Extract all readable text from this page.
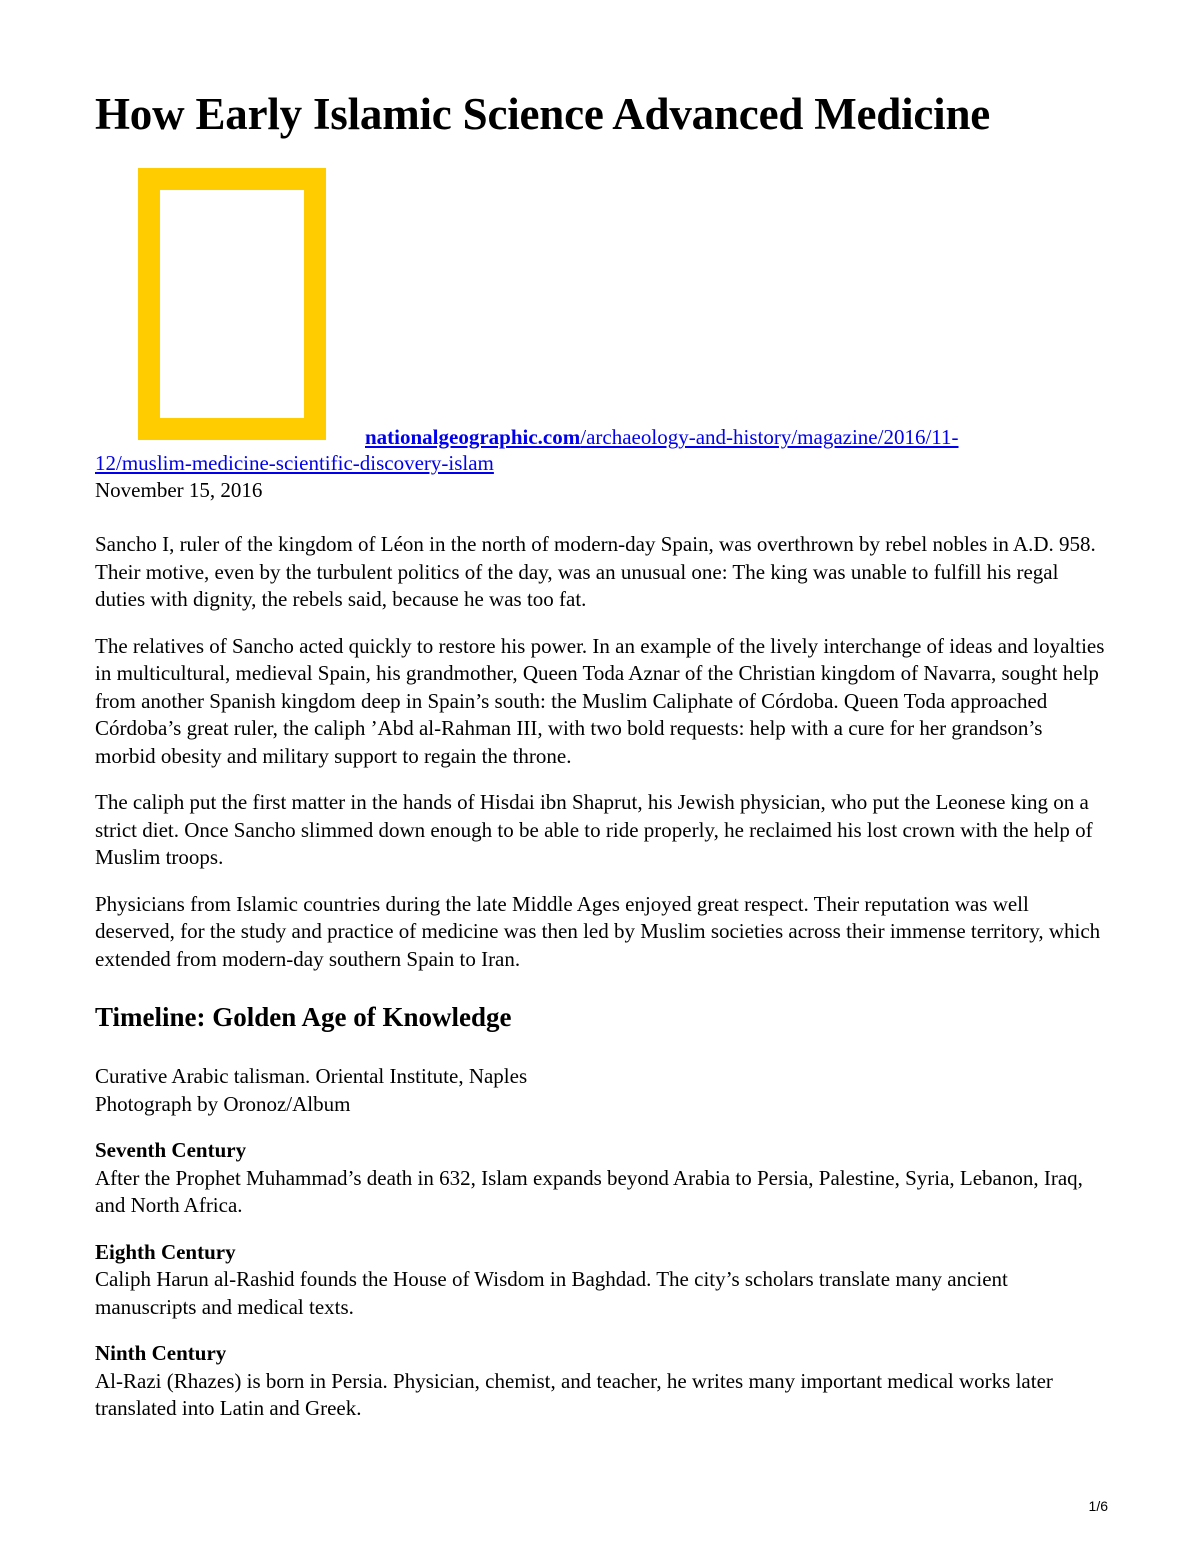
How Early Islamic Science Advanced Medicine
nationalgeographic.com/archaeology-and-history/magazine/2016/11-
12/muslim-medicine-scientific-discovery-islam
November 15, 2016

Sancho I, ruler of the kingdom of Léon in the north of modern-day Spain, was overthrown by rebel nobles in A.D. 958. Their motive, even by the turbulent politics of the day, was an unusual one: The king was unable to fulfill his regal duties with dignity, the rebels said, because he was too fat.

The relatives of Sancho acted quickly to restore his power. In an example of the lively interchange of ideas and loyalties in multicultural, medieval Spain, his grandmother, Queen Toda Aznar of the Christian kingdom of Navarra, sought help from another Spanish kingdom deep in Spain’s south: the Muslim Caliphate of Córdoba. Queen Toda approached Córdoba’s great ruler, the caliph ’Abd al-Rahman III, with two bold requests: help with a cure for her grandson’s morbid obesity and military support to regain the throne.

The caliph put the first matter in the hands of Hisdai ibn Shaprut, his Jewish physician, who put the Leonese king on a strict diet. Once Sancho slimmed down enough to be able to ride properly, he reclaimed his lost crown with the help of Muslim troops.

Physicians from Islamic countries during the late Middle Ages enjoyed great respect. Their reputation was well deserved, for the study and practice of medicine was then led by Muslim societies across their immense territory, which extended from modern-day southern Spain to Iran.

Timeline: Golden Age of Knowledge

Curative Arabic talisman. Oriental Institute, Naples
Photograph by Oronoz/Album

Seventh Century
After the Prophet Muhammad’s death in 632, Islam expands beyond Arabia to Persia, Palestine, Syria, Lebanon, Iraq, and North Africa.

Eighth Century
Caliph Harun al-Rashid founds the House of Wisdom in Baghdad. The city’s scholars translate many ancient manuscripts and medical texts.

Ninth Century
Al-Razi (Rhazes) is born in Persia. Physician, chemist, and teacher, he writes many important medical works later translated into Latin and Greek.

1/6
